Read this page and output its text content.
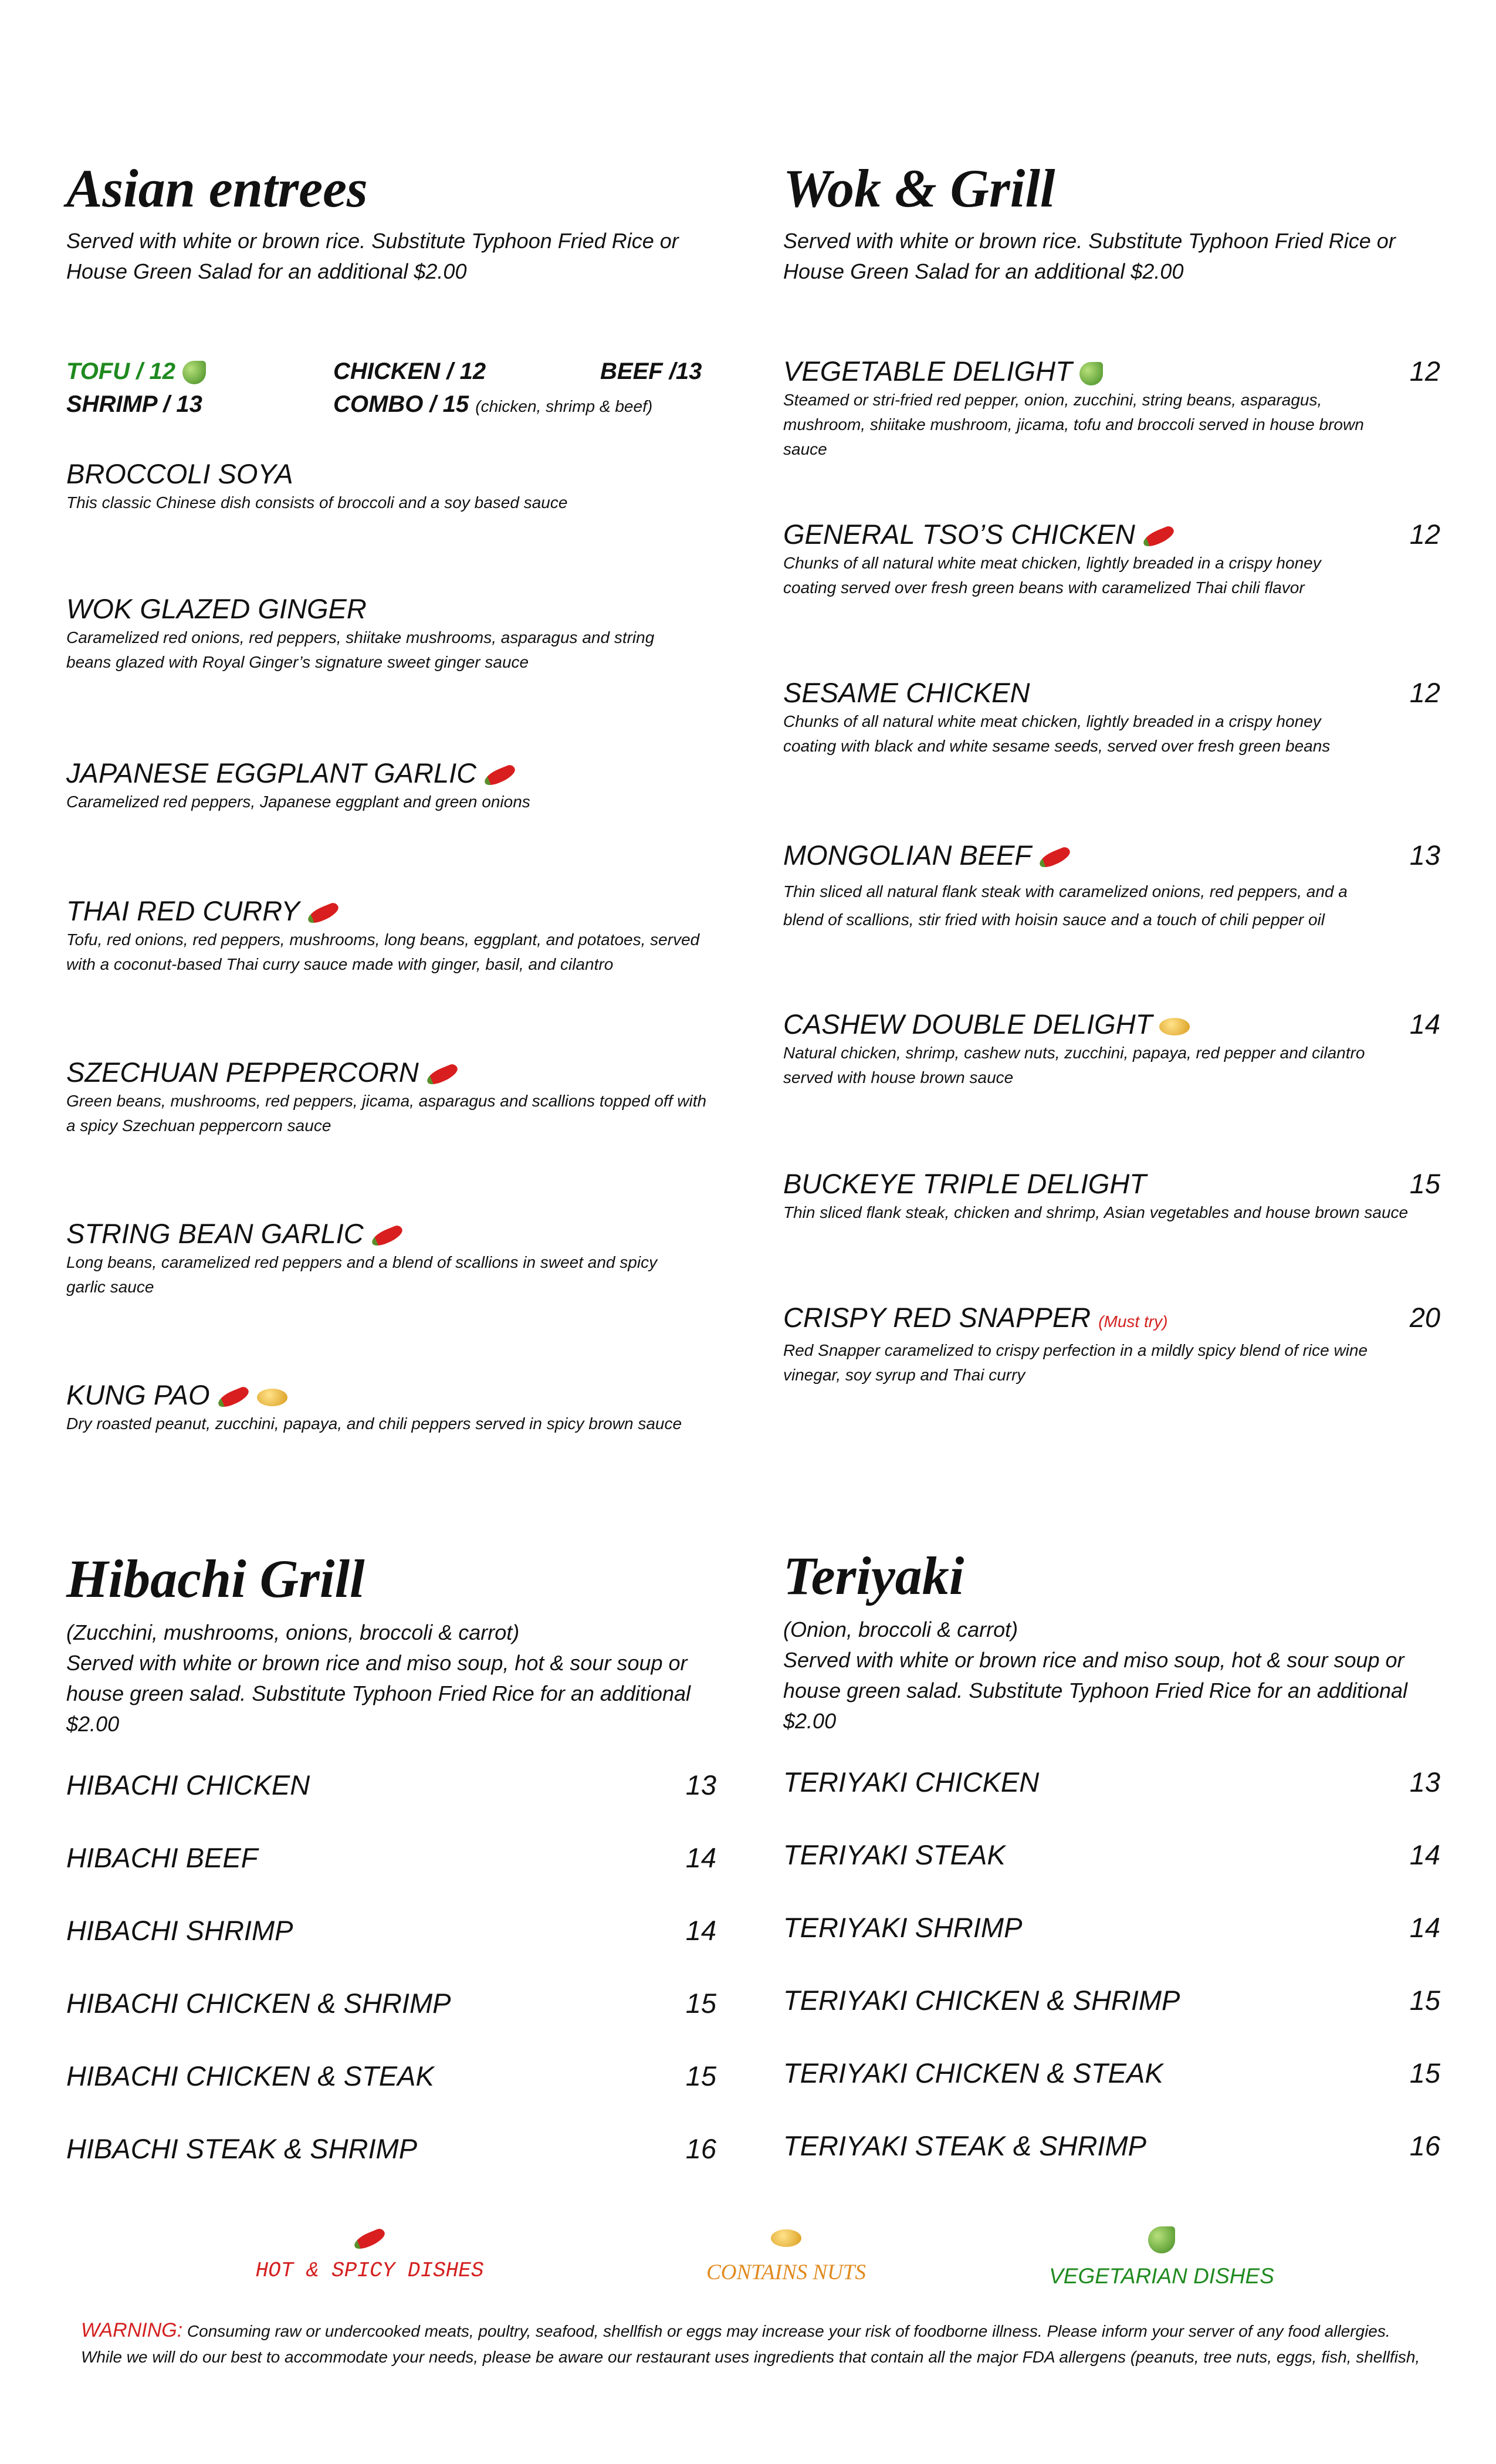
Asian entrees

Served with white or brown rice. Substitute Typhoon Fried Rice or House Green Salad for an additional $2.00

TOFU / 12	CHICKEN / 12	BEEF /13
SHRIMP / 13	COMBO / 15 (chicken, shrimp & beef)
BROCCOLI SOYA
This classic Chinese dish consists of broccoli and a soy based sauce
WOK GLAZED GINGER
Caramelized red onions, red peppers, shiitake mushrooms, asparagus and string beans glazed with Royal Ginger’s signature sweet ginger sauce
JAPANESE EGGPLANT GARLIC
Caramelized red peppers, Japanese eggplant and green onions
THAI RED CURRY
Tofu, red onions, red peppers, mushrooms, long beans, eggplant, and potatoes, served with a coconut-based Thai curry sauce made with ginger, basil, and cilantro
SZECHUAN PEPPERCORN
Green beans, mushrooms, red peppers, jicama, asparagus and scallions topped off with a spicy Szechuan peppercorn sauce
STRING BEAN GARLIC
Long beans, caramelized red peppers and a blend of scallions in sweet and spicy garlic sauce
KUNG PAO
Dry roasted peanut, zucchini, papaya, and chili peppers served in spicy brown sauce
Wok & Grill

Served with white or brown rice. Substitute Typhoon Fried Rice or House Green Salad for an additional $2.00

VEGETABLE DELIGHT	12
Steamed or stri-fried red pepper, onion, zucchini, string beans, asparagus, mushroom, shiitake mushroom, jicama, tofu and broccoli served in house brown sauce
GENERAL TSO’S CHICKEN	12
Chunks of all natural white meat chicken, lightly breaded in a crispy honey coating served over fresh green beans with caramelized Thai chili flavor
SESAME CHICKEN	12
Chunks of all natural white meat chicken, lightly breaded in a crispy honey coating with black and white sesame seeds, served over fresh green beans
MONGOLIAN BEEF	13
Thin sliced all natural flank steak with caramelized onions, red peppers, and a blend of scallions, stir fried with hoisin sauce and a touch of chili pepper oil
CASHEW DOUBLE DELIGHT	14
Natural chicken, shrimp, cashew nuts, zucchini, papaya, red pepper and cilantro served with house brown sauce
BUCKEYE TRIPLE DELIGHT	15
Thin sliced flank steak, chicken and shrimp, Asian vegetables and house brown sauce
CRISPY RED SNAPPER (Must try)	20
Red Snapper caramelized to crispy perfection in a mildly spicy blend of rice wine vinegar, soy syrup and Thai curry
Hibachi Grill

(Zucchini, mushrooms, onions, broccoli & carrot)

Served with white or brown rice and miso soup, hot & sour soup or house green salad. Substitute Typhoon Fried Rice for an additional $2.00

HIBACHI CHICKEN	13
HIBACHI BEEF	14
HIBACHI SHRIMP	14
HIBACHI CHICKEN & SHRIMP	15
HIBACHI CHICKEN & STEAK	15
HIBACHI STEAK & SHRIMP	16
Teriyaki

(Onion, broccoli & carrot)

Served with white or brown rice and miso soup, hot & sour soup or house green salad. Substitute Typhoon Fried Rice for an additional $2.00

TERIYAKI CHICKEN	13
TERIYAKI STEAK	14
TERIYAKI SHRIMP	14
TERIYAKI CHICKEN & SHRIMP	15
TERIYAKI CHICKEN & STEAK	15
TERIYAKI STEAK & SHRIMP	16
HOT & SPICY DISHES	CONTAINS NUTS	VEGETARIAN DISHES
WARNING: Consuming raw or undercooked meats, poultry, seafood, shellfish or eggs may increase your risk of foodborne illness. Please inform your server of any food allergies. While we will do our best to accommodate your needs, please be aware our restaurant uses ingredients that contain all the major FDA allergens (peanuts, tree nuts, eggs, fish, shellfish,
